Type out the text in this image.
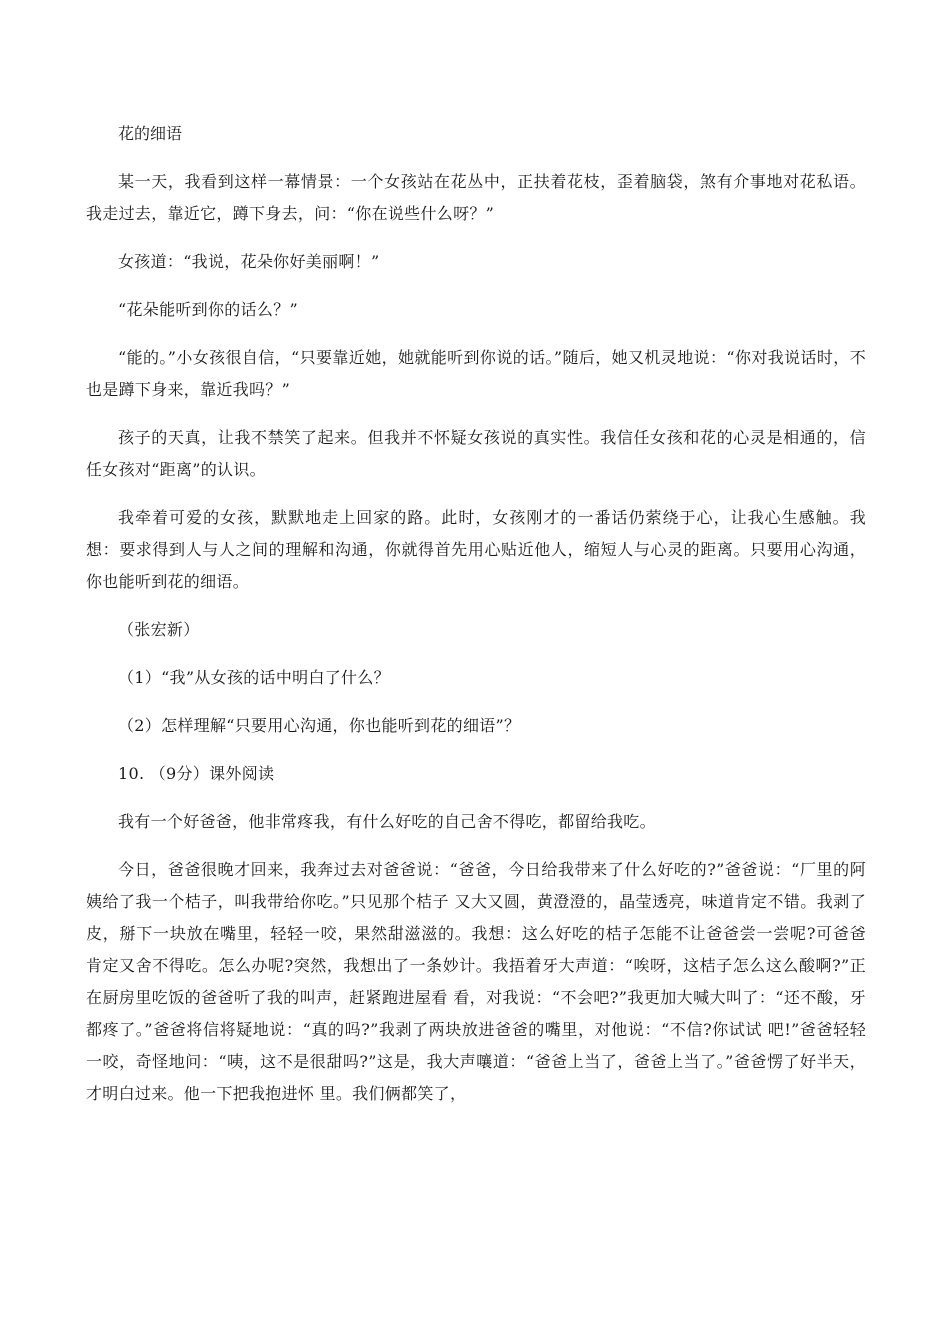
花的细语

某一天，我看到这样一幕情景：一个女孩站在花丛中，正扶着花枝，歪着脑袋，煞有介事地对花私语。我走过去，靠近它，蹲下身去，问：“你在说些什么呀？”

女孩道：“我说，花朵你好美丽啊！”

“花朵能听到你的话么？”

“能的。”小女孩很自信，“只要靠近她，她就能听到你说的话。”随后，她又机灵地说：“你对我说话时，不也是蹲下身来，靠近我吗？”

孩子的天真，让我不禁笑了起来。但我并不怀疑女孩说的真实性。我信任女孩和花的心灵是相通的，信任女孩对“距离”的认识。

我牵着可爱的女孩，默默地走上回家的路。此时，女孩刚才的一番话仍萦绕于心，让我心生感触。我想：要求得到人与人之间的理解和沟通，你就得首先用心贴近他人，缩短人与心灵的距离。只要用心沟通，你也能听到花的细语。

（张宏新）

（1）“我”从女孩的话中明白了什么？

（2）怎样理解“只要用心沟通，你也能听到花的细语”？

10. （9分）课外阅读

我有一个好爸爸，他非常疼我，有什么好吃的自己舍不得吃，都留给我吃。

今日，爸爸很晚才回来，我奔过去对爸爸说：“爸爸，今日给我带来了什么好吃的?”爸爸说：“厂里的阿姨给了我一个桔子，叫我带给你吃。”只见那个桔子 又大又圆，黄澄澄的，晶莹透亮，味道肯定不错。我剥了皮，掰下一块放在嘴里，轻轻一咬，果然甜滋滋的。我想：这么好吃的桔子怎能不让爸爸尝一尝呢?可爸爸 肯定又舍不得吃。怎么办呢?突然，我想出了一条妙计。我捂着牙大声道：“唉呀，这桔子怎么这么酸啊?”正在厨房里吃饭的爸爸听了我的叫声，赶紧跑进屋看 看，对我说：“不会吧?”我更加大喊大叫了：“还不酸，牙都疼了。”爸爸将信将疑地说：“真的吗?”我剥了两块放进爸爸的嘴里，对他说：“不信?你试试 吧!”爸爸轻轻一咬，奇怪地问：“咦，这不是很甜吗?”这是，我大声嚷道：“爸爸上当了，爸爸上当了。”爸爸愣了好半天，才明白过来。他一下把我抱进怀 里。我们俩都笑了，
